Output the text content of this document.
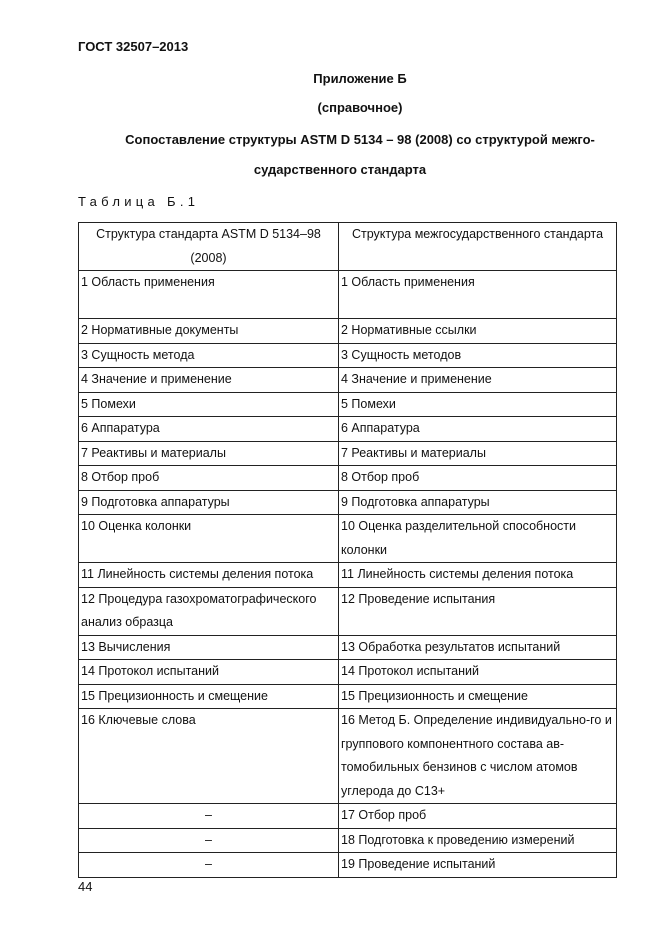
ГОСТ 32507–2013
Приложение Б
(справочное)
Сопоставление структуры ASTM D 5134 – 98 (2008) со структурой межго-
сударственного стандарта
Таблица Б.1
Структура стандарта ASTM D 5134–98 (2008)	Структура межгосударственного стандарта
1 Область применения	1 Область применения
2 Нормативные документы	2 Нормативные ссылки
3 Сущность метода	3 Сущность методов
4 Значение и применение	4 Значение и применение
5 Помехи	5 Помехи
6 Аппаратура	6 Аппаратура
7 Реактивы и материалы	7 Реактивы и материалы
8 Отбор проб	8 Отбор проб
9 Подготовка аппаратуры	9 Подготовка аппаратуры
10 Оценка колонки	10 Оценка разделительной способности колонки
11 Линейность системы деления потока	11 Линейность системы деления потока
12 Процедура газохроматографического анализ образца	12 Проведение испытания
13 Вычисления	13 Обработка результатов испытаний
14 Протокол испытаний	14 Протокол испытаний
15 Прецизионность и смещение	15 Прецизионность и смещение
16 Ключевые слова	16 Метод Б. Определение индивидуально-го и группового компонентного состава ав-томобильных бензинов с числом атомов углерода до С13+
–	17 Отбор проб
–	18 Подготовка к проведению измерений
–	19 Проведение испытаний
44
